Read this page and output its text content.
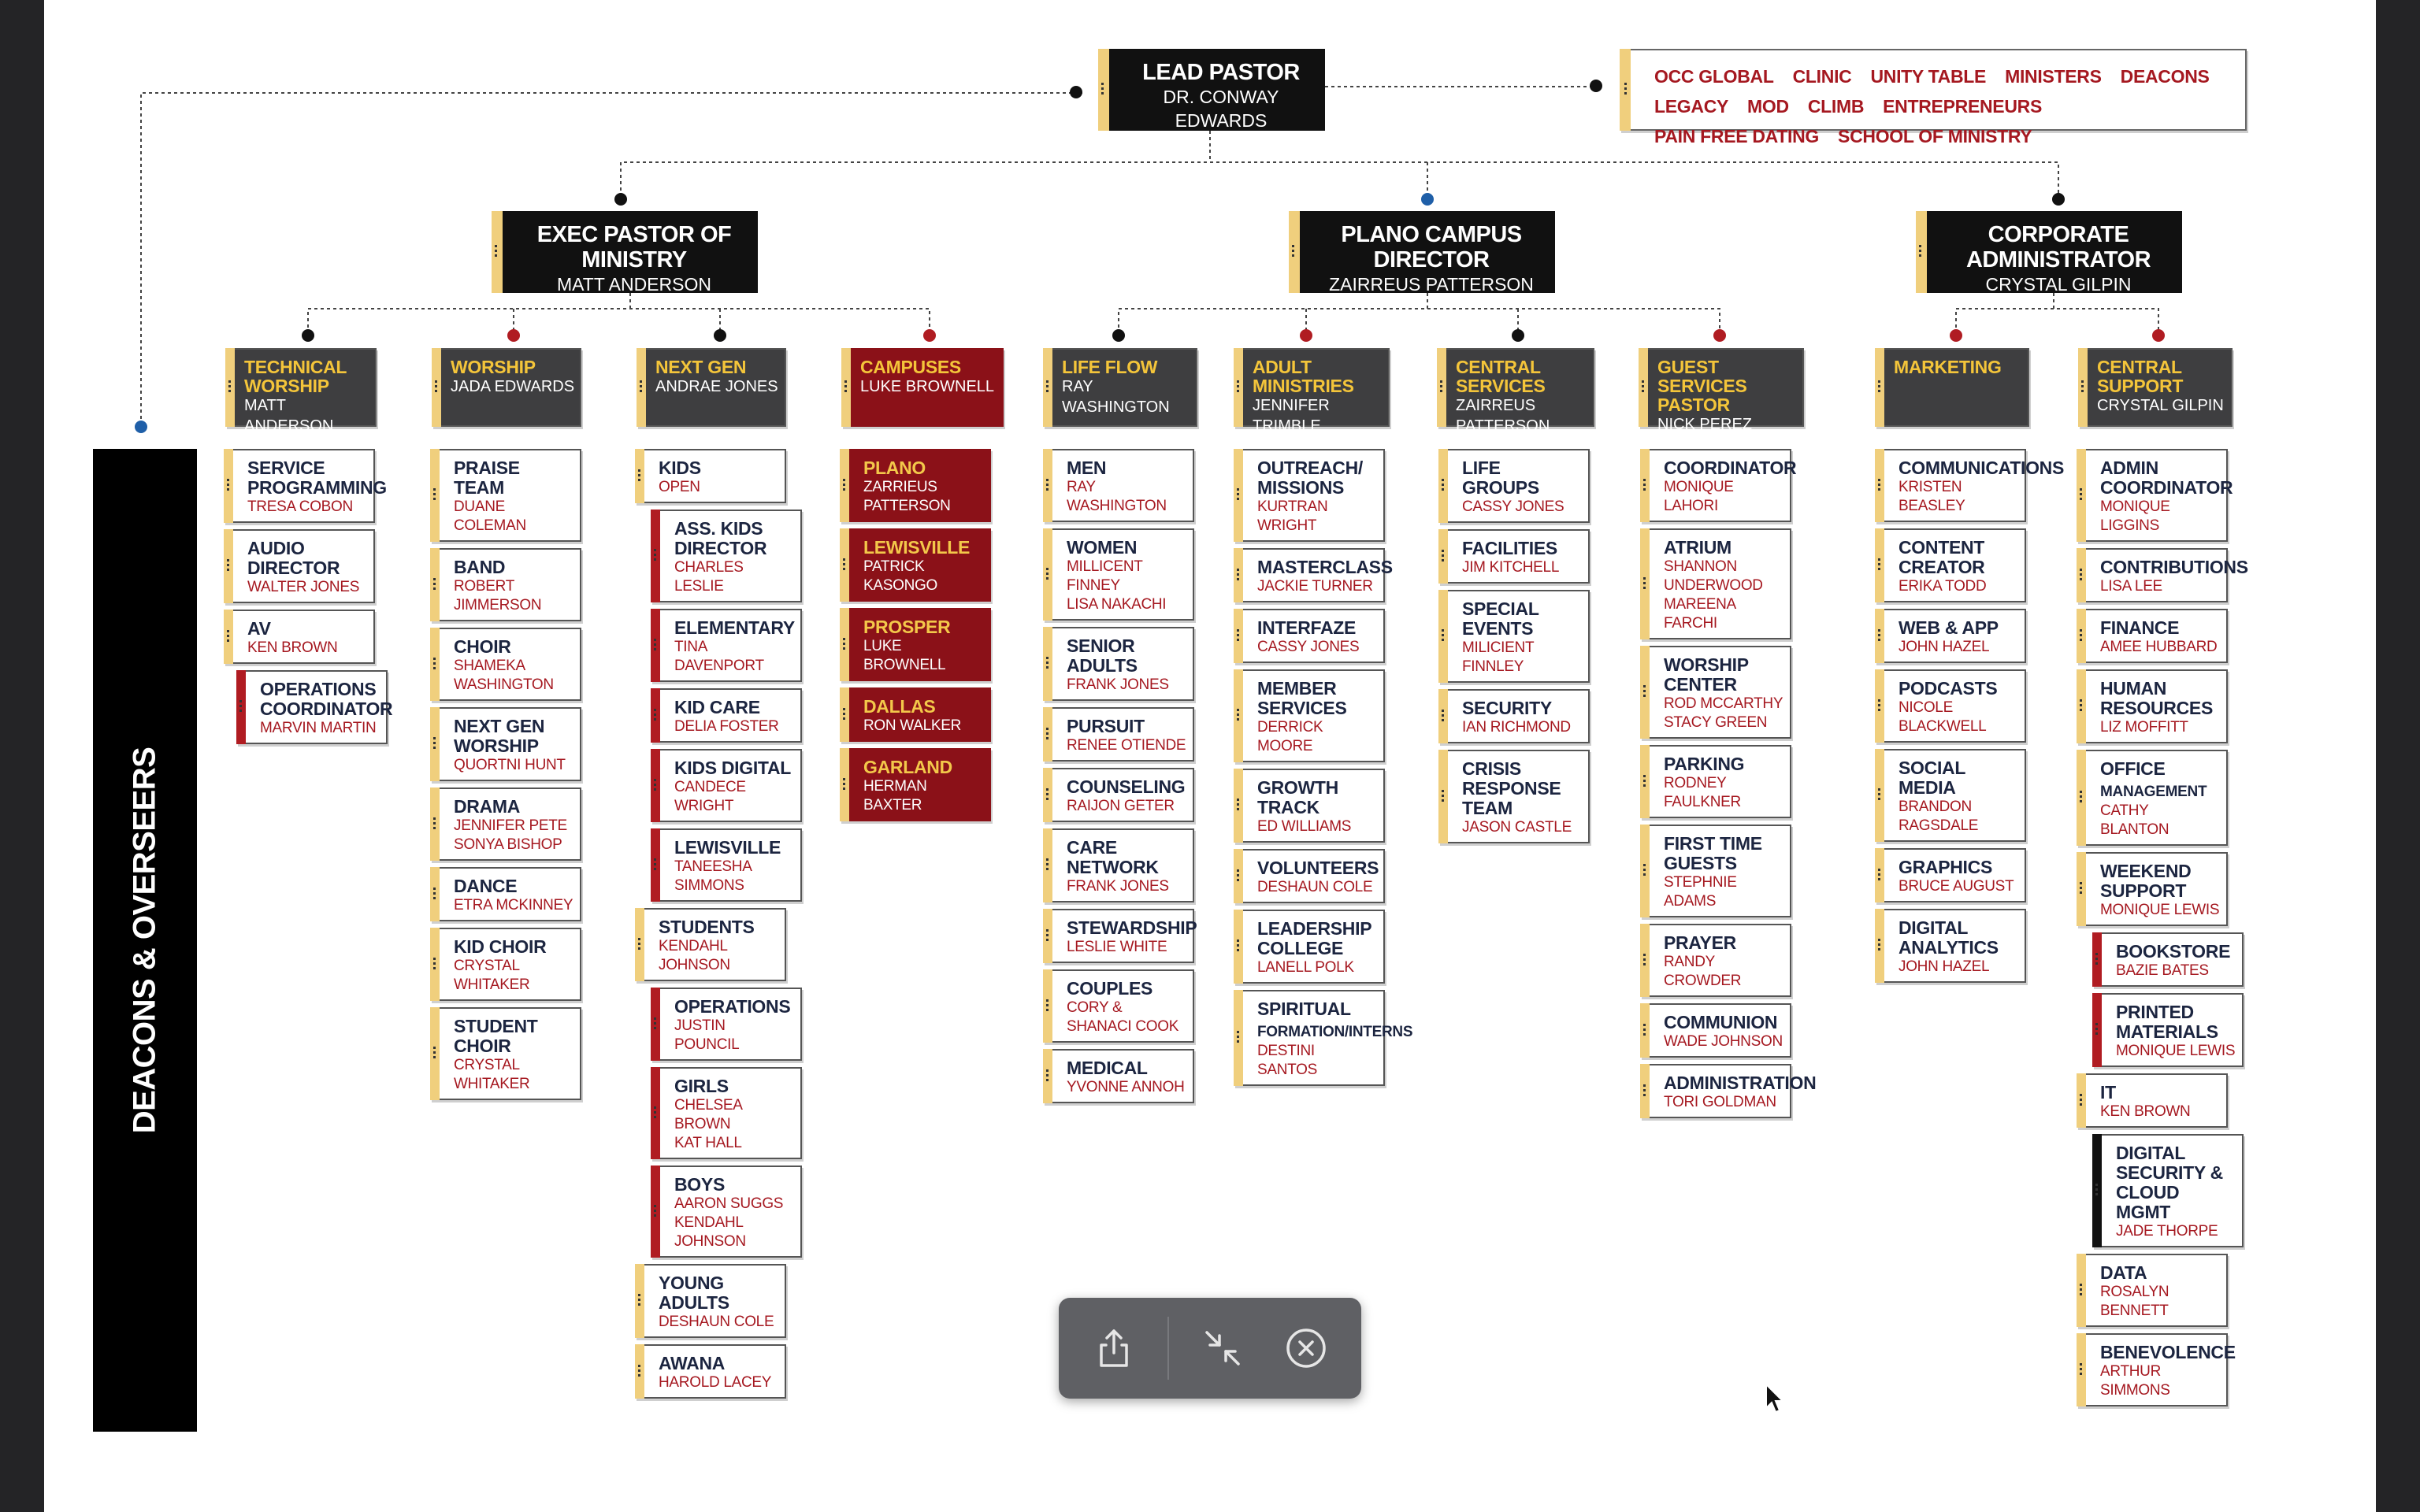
LEAD PASTOR
DR. CONWAY EDWARDS
OCC GLOBAL CLINIC UNITY TABLE MINISTERS DEACONSLEGACY MOD CLIMB ENTREPRENEURSPAIN FREE DATING SCHOOL OF MINISTRY
EXEC PASTOR OF MINISTRY
MATT ANDERSON
PLANO CAMPUS DIRECTOR
ZAIRREUS PATTERSON
CORPORATE ADMINISTRATOR
CRYSTAL GILPIN
DEACONS & OVERSEERS
TECHNICAL WORSHIP
MATT ANDERSON
SERVICE PROGRAMMING
TRESA COBON
AUDIO DIRECTOR
WALTER JONES
AV
KEN BROWN
OPERATIONS COORDINATOR
MARVIN MARTIN
WORSHIP
JADA EDWARDS
PRAISE TEAM
DUANE COLEMAN
BAND
ROBERT JIMMERSON
CHOIR
SHAMEKA WASHINGTON
NEXT GEN WORSHIP
QUORTNI HUNT
DRAMA
JENNIFER PETE
SONYA BISHOP
DANCE
ETRA MCKINNEY
KID CHOIR
CRYSTAL WHITAKER
STUDENT CHOIR
CRYSTAL WHITAKER
NEXT GEN
ANDRAE JONES
KIDS
OPEN
ASS. KIDS DIRECTOR
CHARLES LESLIE
ELEMENTARY
TINA DAVENPORT
KID CARE
DELIA FOSTER
KIDS DIGITAL
CANDECE WRIGHT
LEWISVILLE
TANEESHA SIMMONS
STUDENTS
KENDAHL JOHNSON
OPERATIONS
JUSTIN POUNCIL
GIRLS
CHELSEA BROWN
KAT HALL
BOYS
AARON SUGGS
KENDAHL JOHNSON
YOUNG ADULTS
DESHAUN COLE
AWANA
HAROLD LACEY
CAMPUSES
LUKE BROWNELL
PLANO
ZARRIEUS PATTERSON
LEWISVILLE
PATRICK KASONGO
PROSPER
LUKE BROWNELL
DALLAS
RON WALKER
GARLAND
HERMAN BAXTER
LIFE FLOW
RAY WASHINGTON
MEN
RAY WASHINGTON
WOMEN
MILLICENT FINNEY
LISA NAKACHI
SENIOR ADULTS
FRANK JONES
PURSUIT
RENEE OTIENDE
COUNSELING
RAIJON GETER
CARE NETWORK
FRANK JONES
STEWARDSHIP
LESLIE WHITE
COUPLES
CORY & SHANACI COOK
MEDICAL
YVONNE ANNOH
ADULT MINISTRIES
JENNIFER TRIMBLE
OUTREACH/ MISSIONS
KURTRAN WRIGHT
MASTERCLASS
JACKIE TURNER
INTERFAZE
CASSY JONES
MEMBER SERVICES
DERRICK MOORE
GROWTH TRACK
ED WILLIAMS
VOLUNTEERS
DESHAUN COLE
LEADERSHIP COLLEGE
LANELL POLK
SPIRITUAL FORMATION/INTERNS
DESTINI SANTOS
CENTRAL SERVICES
ZAIRREUS PATTERSON
LIFE GROUPS
CASSY JONES
FACILITIES
JIM KITCHELL
SPECIAL EVENTS
MILICIENT FINNLEY
SECURITY
IAN RICHMOND
CRISIS RESPONSE TEAM
JASON CASTLE
GUEST SERVICES PASTOR
NICK PEREZ
COORDINATOR
MONIQUE LAHORI
ATRIUM
SHANNON UNDERWOOD
MAREENA FARCHI
WORSHIP CENTER
ROD MCCARTHY
STACY GREEN
PARKING
RODNEY FAULKNER
FIRST TIME GUESTS
STEPHNIE ADAMS
PRAYER
RANDY CROWDER
COMMUNION
WADE JOHNSON
ADMINISTRATION
TORI GOLDMAN
MARKETING
COMMUNICATIONS
KRISTEN BEASLEY
CONTENT CREATOR
ERIKA TODD
WEB & APP
JOHN HAZEL
PODCASTS
NICOLE BLACKWELL
SOCIAL MEDIA
BRANDON RAGSDALE
GRAPHICS
BRUCE AUGUST
DIGITAL ANALYTICS
JOHN HAZEL
CENTRAL SUPPORT
CRYSTAL GILPIN
ADMIN COORDINATOR
MONIQUE LIGGINS
CONTRIBUTIONS
LISA LEE
FINANCE
AMEE HUBBARD
HUMAN RESOURCES
LIZ MOFFITT
OFFICE MANAGEMENT
CATHY BLANTON
WEEKEND SUPPORT
MONIQUE LEWIS
BOOKSTORE
BAZIE BATES
PRINTED MATERIALS
MONIQUE LEWIS
IT
KEN BROWN
DIGITAL SECURITY & CLOUD MGMT
JADE THORPE
DATA
ROSALYN BENNETT
BENEVOLENCE
ARTHUR SIMMONS
